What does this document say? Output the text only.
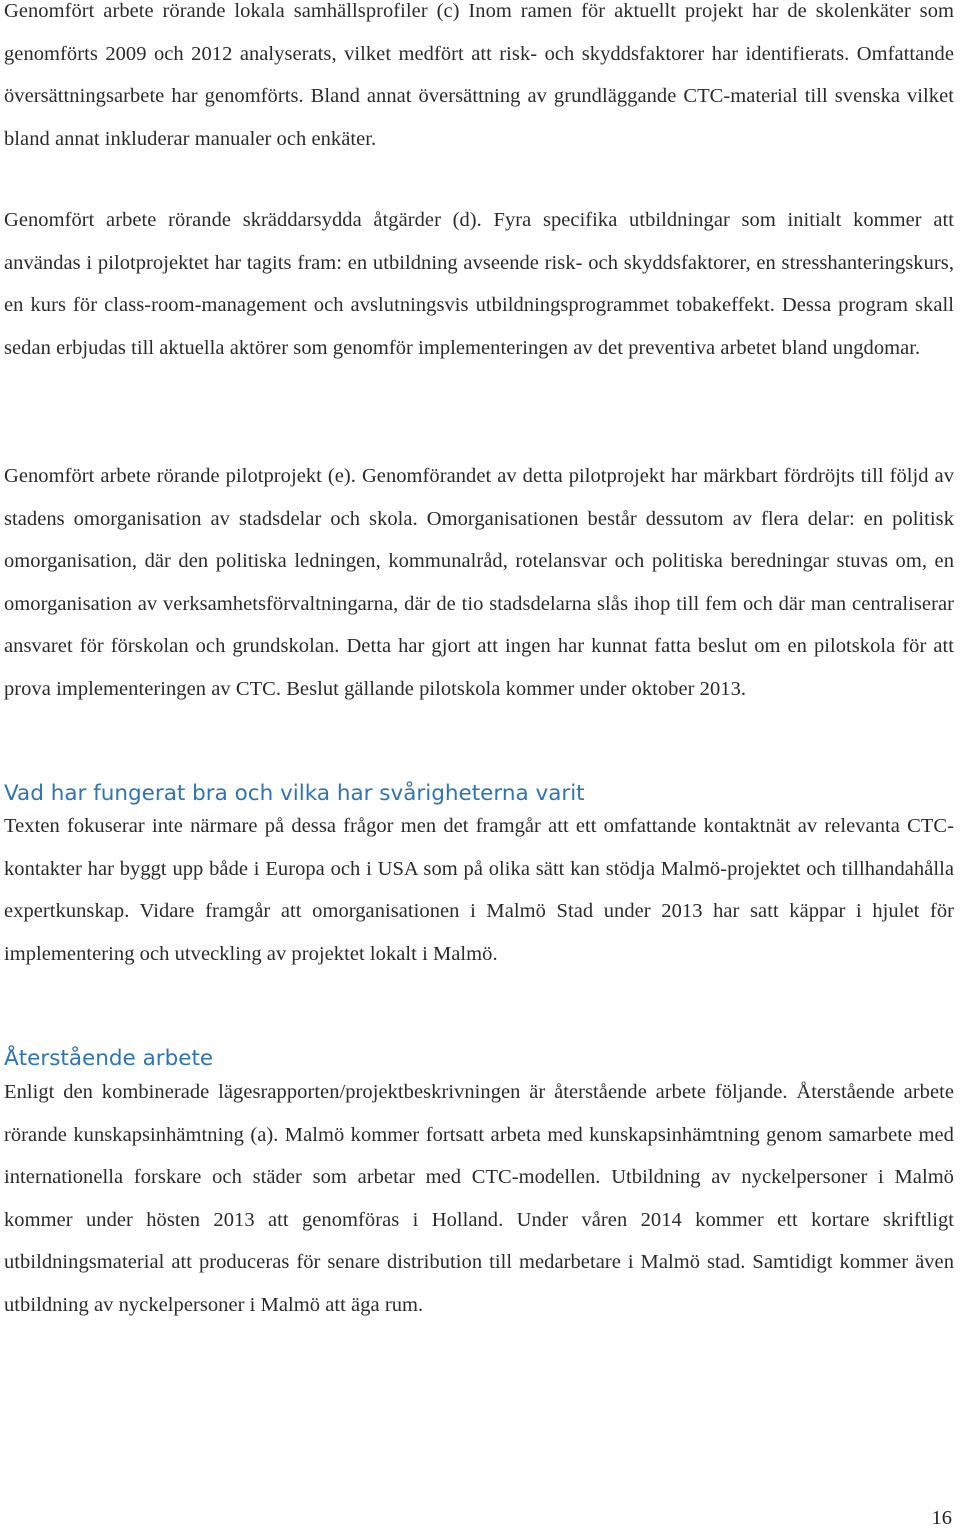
Genomfört arbete rörande lokala samhällsprofiler (c) Inom ramen för aktuellt projekt har de skolenkäter som genomförts 2009 och 2012 analyserats, vilket medfört att risk- och skyddsfaktorer har identifierats. Omfattande översättningsarbete har genomförts. Bland annat översättning av grundläggande CTC-material till svenska vilket bland annat inkluderar manualer och enkäter.

Genomfört arbete rörande skräddarsydda åtgärder (d). Fyra specifika utbildningar som initialt kommer att användas i pilotprojektet har tagits fram: en utbildning avseende risk- och skyddsfaktorer, en stresshanteringskurs, en kurs för class-room-management och avslutningsvis utbildningsprogrammet tobakeffekt. Dessa program skall sedan erbjudas till aktuella aktörer som genomför implementeringen av det preventiva arbetet bland ungdomar.

Genomfört arbete rörande pilotprojekt (e). Genomförandet av detta pilotprojekt har märkbart fördröjts till följd av stadens omorganisation av stadsdelar och skola. Omorganisationen består dessutom av flera delar: en politisk omorganisation, där den politiska ledningen, kommunalråd, rotelansvar och politiska beredningar stuvas om, en omorganisation av verksamhetsförvaltningarna, där de tio stadsdelarna slås ihop till fem och där man centraliserar ansvaret för förskolan och grundskolan. Detta har gjort att ingen har kunnat fatta beslut om en pilotskola för att prova implementeringen av CTC. Beslut gällande pilotskola kommer under oktober 2013.

Vad har fungerat bra och vilka har svårigheterna varit

Texten fokuserar inte närmare på dessa frågor men det framgår att ett omfattande kontaktnät av relevanta CTC-kontakter har byggt upp både i Europa och i USA som på olika sätt kan stödja Malmö-projektet och tillhandahålla expertkunskap. Vidare framgår att omorganisationen i Malmö Stad under 2013 har satt käppar i hjulet för implementering och utveckling av projektet lokalt i Malmö.

Återstående arbete

Enligt den kombinerade lägesrapporten/projektbeskrivningen är återstående arbete följande. Återstående arbete rörande kunskapsinhämtning (a). Malmö kommer fortsatt arbeta med kunskapsinhämtning genom samarbete med internationella forskare och städer som arbetar med CTC-modellen. Utbildning av nyckelpersoner i Malmö kommer under hösten 2013 att genomföras i Holland. Under våren 2014 kommer ett kortare skriftligt utbildningsmaterial att produceras för senare distribution till medarbetare i Malmö stad. Samtidigt kommer även utbildning av nyckelpersoner i Malmö att äga rum.

16
